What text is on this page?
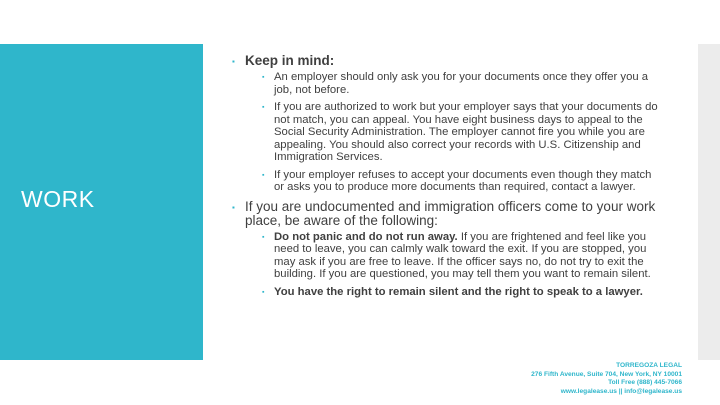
WORK
▪ Keep in mind:
▪ An employer should only ask you for your documents once they offer you a job, not before.
▪ If you are authorized to work but your employer says that your documents do not match, you can appeal. You have eight business days to appeal to the Social Security Administration. The employer cannot fire you while you are appealing. You should also correct your records with U.S. Citizenship and Immigration Services.
▪ If your employer refuses to accept your documents even though they match or asks you to produce more documents than required, contact a lawyer.
▪ If you are undocumented and immigration officers come to your work place, be aware of the following:
▪ Do not panic and do not run away. If you are frightened and feel like you need to leave, you can calmly walk toward the exit. If you are stopped, you may ask if you are free to leave. If the officer says no, do not try to exit the building. If you are questioned, you may tell them you want to remain silent.
▪ You have the right to remain silent and the right to speak to a lawyer.
TORREGOZA LEGAL
276 Fifth Avenue, Suite 704, New York, NY 10001
Toll Free (888) 445-7066
www.legalease.us || info@legalease.us
